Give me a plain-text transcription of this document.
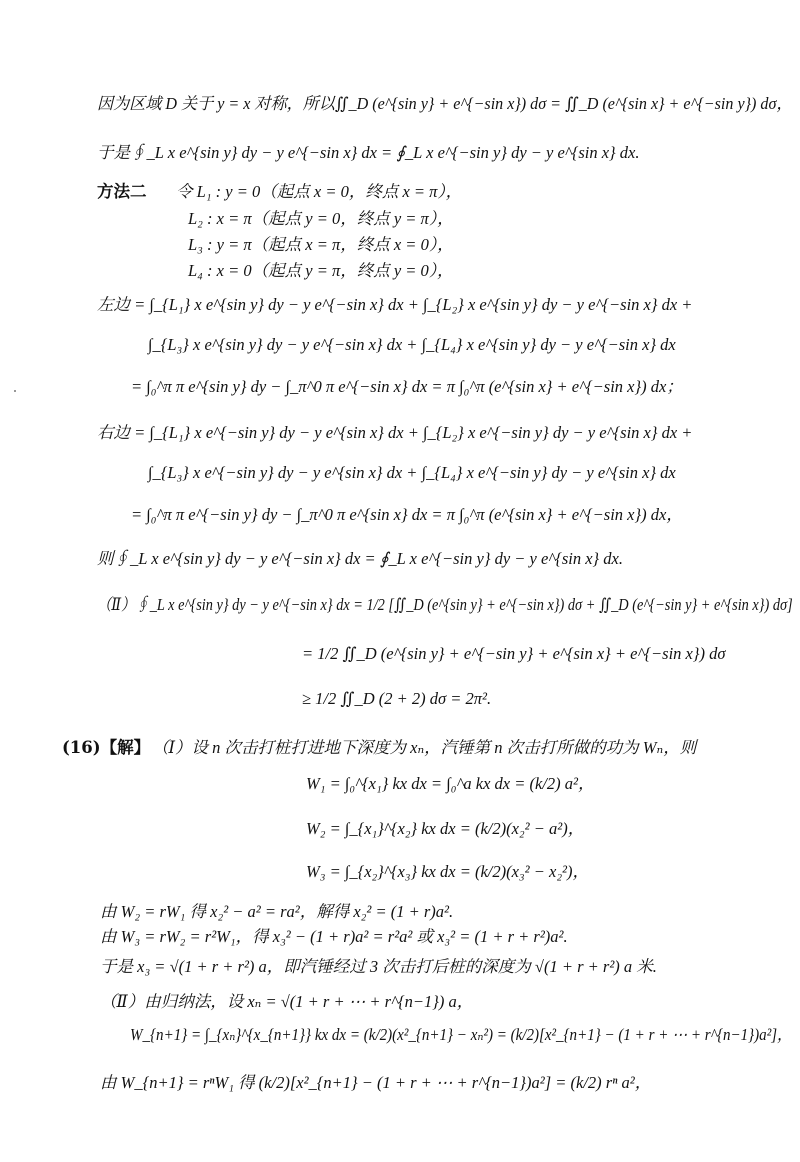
因为区域 D 关于 y = x 对称，所以∬_D (e^{sin y} + e^{−sin x}) dσ = ∬_D (e^{sin x} + e^{−sin y}) dσ，
于是∮_L x e^{sin y} dy − y e^{−sin x} dx = ∮_L x e^{−sin y} dy − y e^{sin x} dx.
方法二 令 L₁ : y = 0（起点 x = 0，终点 x = π），
L₂ : x = π（起点 y = 0，终点 y = π），
L₃ : y = π（起点 x = π，终点 x = 0），
L₄ : x = 0（起点 y = π，终点 y = 0），
左边 = ∫_{L₁} x e^{sin y} dy − y e^{−sin x} dx + ∫_{L₂} x e^{sin y} dy − y e^{−sin x} dx +
∫_{L₃} x e^{sin y} dy − y e^{−sin x} dx + ∫_{L₄} x e^{sin y} dy − y e^{−sin x} dx
= ∫₀^π π e^{sin y} dy − ∫_π^0 π e^{−sin x} dx = π ∫₀^π (e^{sin x} + e^{−sin x}) dx；
右边 = ∫_{L₁} x e^{−sin y} dy − y e^{sin x} dx + ∫_{L₂} x e^{−sin y} dy − y e^{sin x} dx +
∫_{L₃} x e^{−sin y} dy − y e^{sin x} dx + ∫_{L₄} x e^{−sin y} dy − y e^{sin x} dx
= ∫₀^π π e^{−sin y} dy − ∫_π^0 π e^{sin x} dx = π ∫₀^π (e^{sin x} + e^{−sin x}) dx，
则∮_L x e^{sin y} dy − y e^{−sin x} dx = ∮_L x e^{−sin y} dy − y e^{sin x} dx.
（Ⅱ）∮_L x e^{sin y} dy − y e^{−sin x} dx = 1/2 [∬_D (e^{sin y} + e^{−sin x}) dσ + ∬_D (e^{−sin y} + e^{sin x}) dσ]
= 1/2 ∬_D (e^{sin y} + e^{−sin y} + e^{sin x} + e^{−sin x}) dσ
≥ 1/2 ∬_D (2 + 2) dσ = 2π².
(16)【解】 （Ⅰ）设 n 次击打桩打进地下深度为 xₙ，汽锤第 n 次击打所做的功为 Wₙ，则
W₁ = ∫₀^{x₁} kx dx = ∫₀^a kx dx = (k/2) a²，
W₂ = ∫_{x₁}^{x₂} kx dx = (k/2)(x₂² − a²)，
W₃ = ∫_{x₂}^{x₃} kx dx = (k/2)(x₃² − x₂²)，
由 W₂ = rW₁ 得 x₂² − a² = ra²，解得 x₂² = (1 + r)a².
由 W₃ = rW₂ = r²W₁，得 x₃² − (1 + r)a² = r²a² 或 x₃² = (1 + r + r²)a².
于是 x₃ = √(1 + r + r²) a，即汽锤经过 3 次击打后桩的深度为 √(1 + r + r²) a 米.
（Ⅱ）由归纳法，设 xₙ = √(1 + r + ⋯ + r^{n−1}) a，
W_{n+1} = ∫_{xₙ}^{x_{n+1}} kx dx = (k/2)(x²_{n+1} − xₙ²) = (k/2)[x²_{n+1} − (1 + r + ⋯ + r^{n−1})a²]，
由 W_{n+1} = rⁿW₁ 得 (k/2)[x²_{n+1} − (1 + r + ⋯ + r^{n−1})a²] = (k/2) rⁿ a²，
